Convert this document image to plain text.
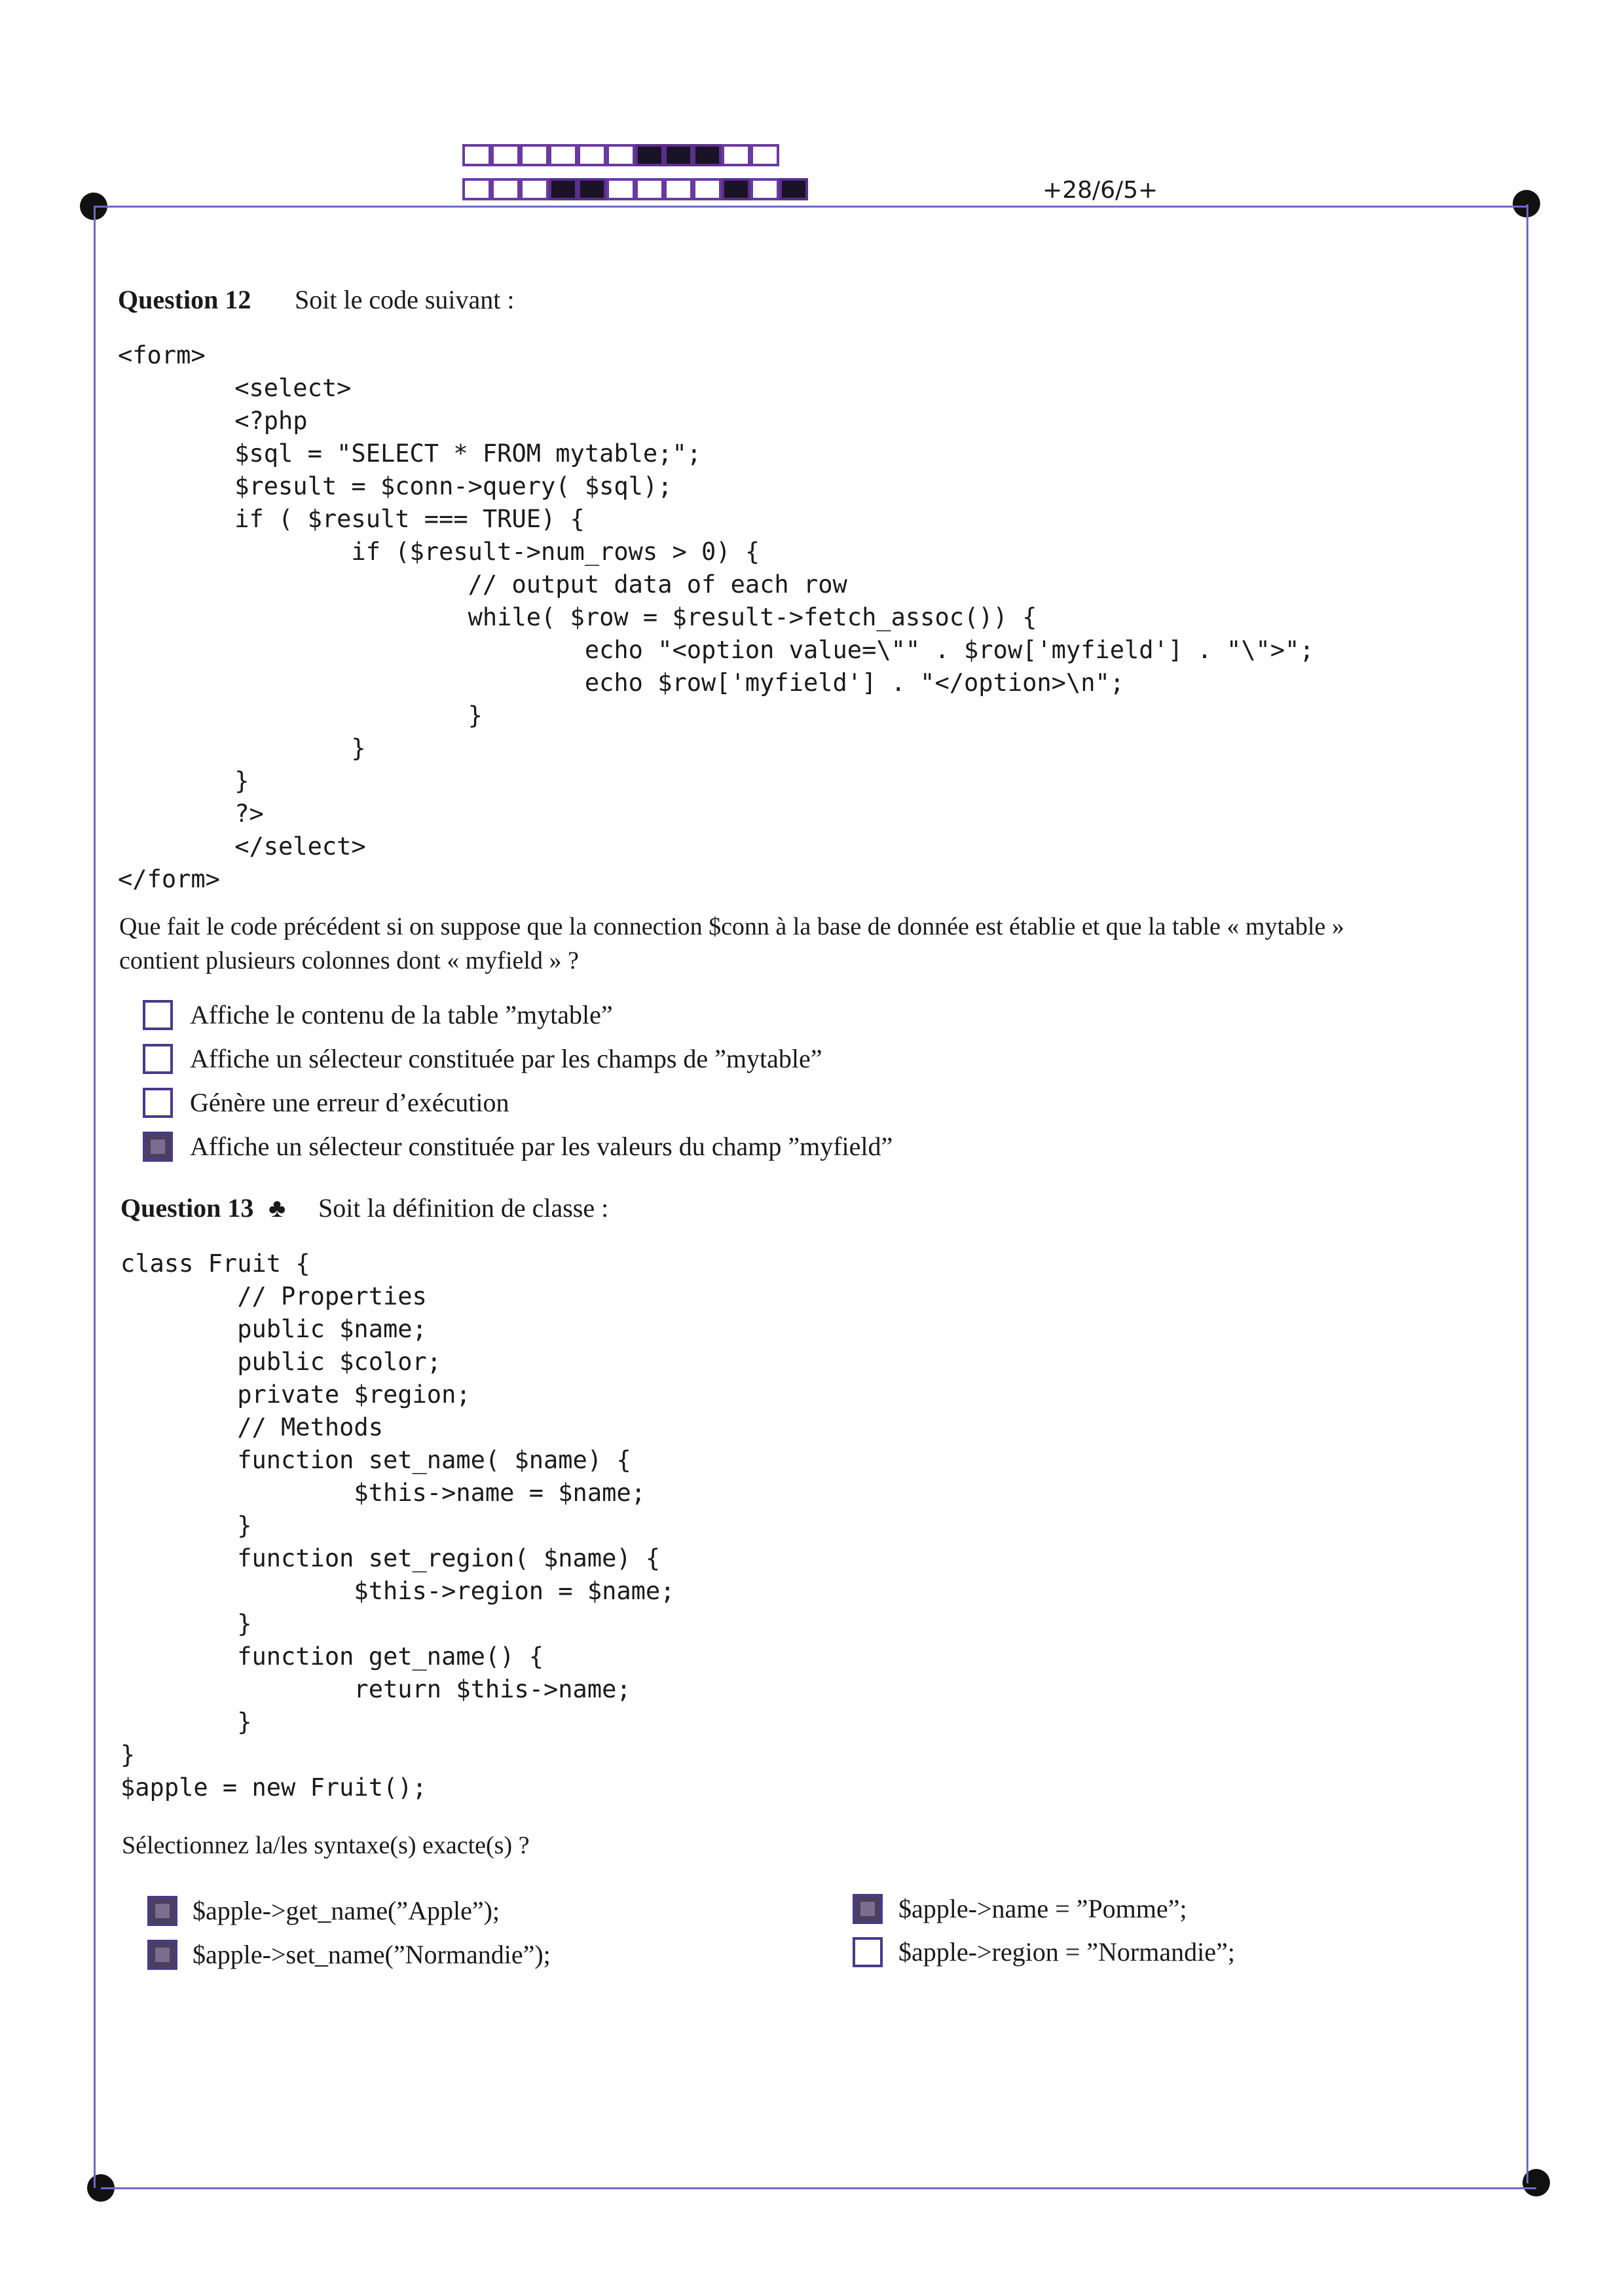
+28/6/5+
Question 12 Soit le code suivant :
<form>
<select>
<?php
$sql = "SELECT * FROM mytable;";
$result = $conn->query( $sql);
if ( $result === TRUE) {
if ($result->num_rows > 0) {
// output data of each row
while( $row = $result->fetch_assoc()) {
echo "<option value=\"" . $row['myfield'] . "\">";
echo $row['myfield'] . "</option>\n";
}
}
}
?>
</select>
</form>
Que fait le code précédent si on suppose que la connection $conn à la base de donnée est établie et que la table « mytable »
contient plusieurs colonnes dont « myfield » ?
Affiche le contenu de la table ”mytable”
Affiche un sélecteur constituée par les champs de ”mytable”
Génère une erreur d’exécution
Affiche un sélecteur constituée par les valeurs du champ ”myfield”
Question 13 ♣ Soit la définition de classe :
class Fruit {
// Properties
public $name;
public $color;
private $region;
// Methods
function set_name( $name) {
$this->name = $name;
}
function set_region( $name) {
$this->region = $name;
}
function get_name() {
return $this->name;
}
}
$apple = new Fruit();
Sélectionnez la/les syntaxe(s) exacte(s) ?
$apple->get_name(”Apple”);	$apple->name = ”Pomme”;
$apple->set_name(”Normandie”);	$apple->region = ”Normandie”;
